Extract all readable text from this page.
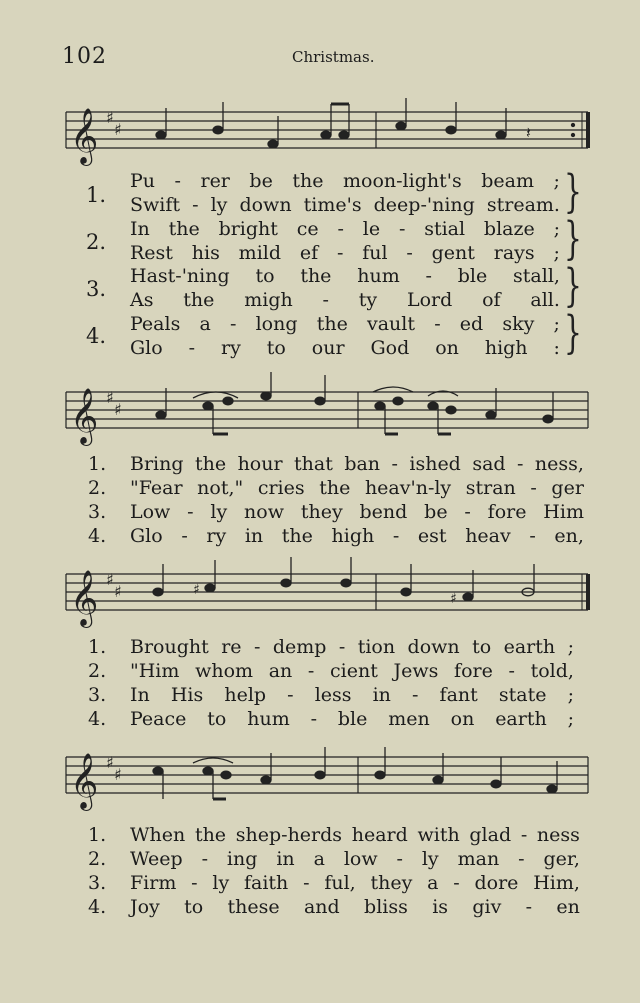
102	Christmas.
𝄞 ♯
♯	𝄽
1.
2.
3.
4.
Pu - rer be the moon-light's beam ;
Swift - ly down time's deep-'ning stream.
In the bright ce - le - stial blaze ;
Rest his mild ef - ful - gent rays ;
Hast-'ning to the hum - ble stall,
As the migh - ty Lord of all.
Peals a - long the vault - ed sky ;
Glo - ry to our God on high :
}
}
}
}
𝄞 ♯
♯
1.	Bring the hour that ban - ished sad - ness,
2.	"Fear not," cries the heav'n-ly stran - ger
3.	Low - ly now they bend be - fore Him
4.	Glo - ry in the high - est heav - en,
𝄞 ♯
♯	♯
♯
1.	Brought re - demp - tion down to earth ;
2.	"Him whom an - cient Jews fore - told,
3.	In His help - less in - fant state ;
4.	Peace to hum - ble men on earth ;
𝄞 ♯
♯
1.	When the shep-herds heard with glad - ness
2.	Weep - ing in a low - ly man - ger,
3.	Firm - ly faith - ful, they a - dore Him,
4.	Joy to these and bliss is giv - en
